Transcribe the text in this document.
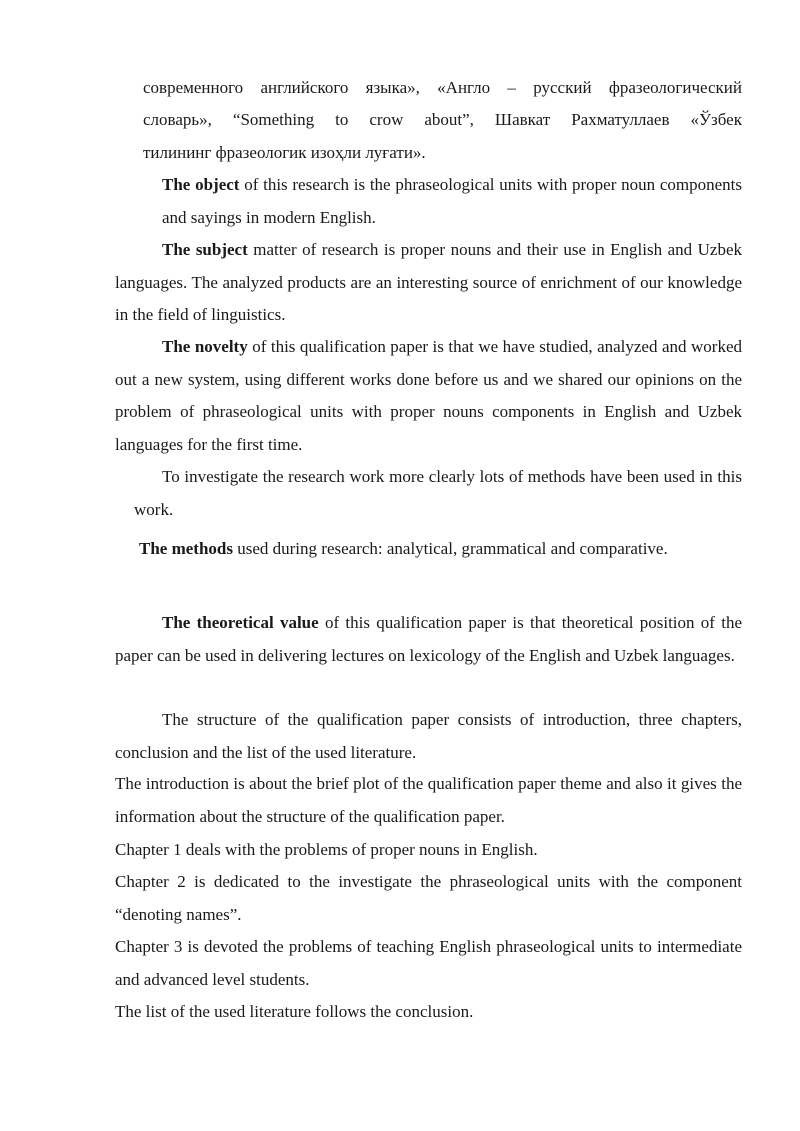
современного английского языка», «Англо – русский фразеологический

словарь», “Something to crow about”, Шавкат Рахматуллаев «Ўзбек

тилининг фразеологик изоҳли луғати».

The object of this research is the phraseological units with proper noun components and sayings in modern English.

The subject matter of research is proper nouns and their use in English and Uzbek languages. The analyzed products are an interesting source of enrichment of our knowledge in the field of linguistics.

The novelty of this qualification paper is that we have studied, analyzed and worked out a new system, using different works done before us and we shared our opinions on the problem of phraseological units with proper nouns components in English and Uzbek languages for the first time.

To investigate the research work more clearly lots of methods have been used in this work.

The methods used during research: analytical, grammatical and comparative.

The theoretical value of this qualification paper is that theoretical position of the paper can be used in delivering lectures on lexicology of the English and Uzbek languages.

The structure of the qualification paper consists of introduction, three chapters, conclusion and the list of the used literature.

The introduction is about the brief plot of the qualification paper theme and also it gives the information about the structure of the qualification paper.

Chapter 1 deals with the problems of proper nouns in English.

Chapter 2 is dedicated to the investigate the phraseological units with the component “denoting names”.

Chapter 3 is devoted the problems of teaching English phraseological units to intermediate and advanced level students.

The list of the used literature follows the conclusion.
